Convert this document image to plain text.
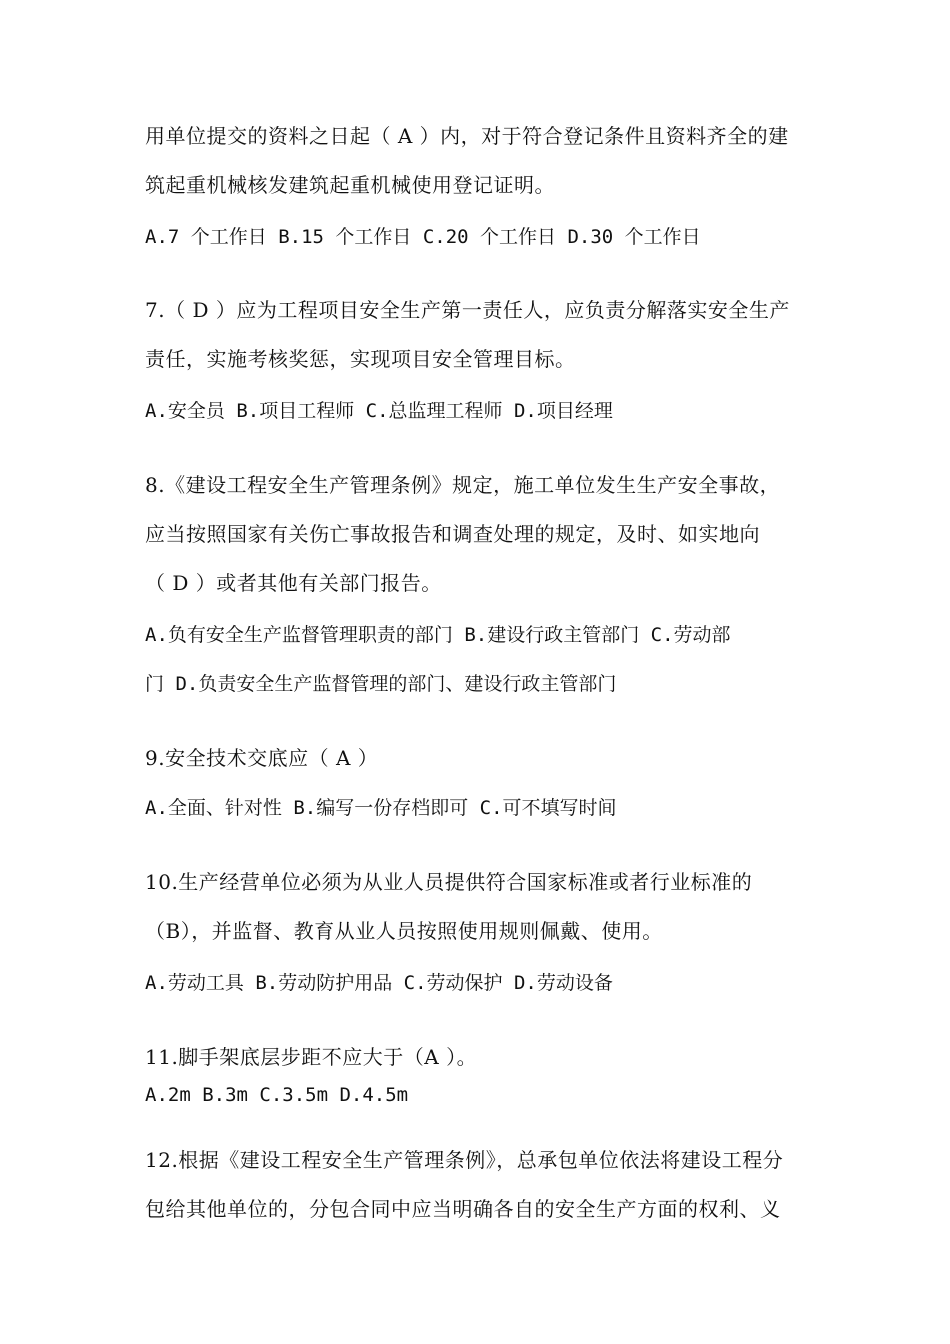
用单位提交的资料之日起（ A ）内，对于符合登记条件且资料齐全的建
筑起重机械核发建筑起重机械使用登记证明。
A.7 个工作日 B.15 个工作日 C.20 个工作日 D.30 个工作日
7.（ D ）应为工程项目安全生产第一责任人，应负责分解落实安全生产
责任，实施考核奖惩，实现项目安全管理目标。
A.安全员 B.项目工程师 C.总监理工程师 D.项目经理
8.《建设工程安全生产管理条例》规定，施工单位发生生产安全事故，
应当按照国家有关伤亡事故报告和调查处理的规定，及时、如实地向
（ D ）或者其他有关部门报告。
A.负有安全生产监督管理职责的部门 B.建设行政主管部门 C.劳动部
门 D.负责安全生产监督管理的部门、建设行政主管部门
9.安全技术交底应（ A ）
A.全面、针对性 B.编写一份存档即可 C.可不填写时间
10.生产经营单位必须为从业人员提供符合国家标准或者行业标准的
（B），并监督、教育从业人员按照使用规则佩戴、使用。
A.劳动工具 B.劳动防护用品 C.劳动保护 D.劳动设备
11.脚手架底层步距不应大于（A ）。
A.2m B.3m C.3.5m D.4.5m
12.根据《建设工程安全生产管理条例》，总承包单位依法将建设工程分
包给其他单位的，分包合同中应当明确各自的安全生产方面的权利、义
